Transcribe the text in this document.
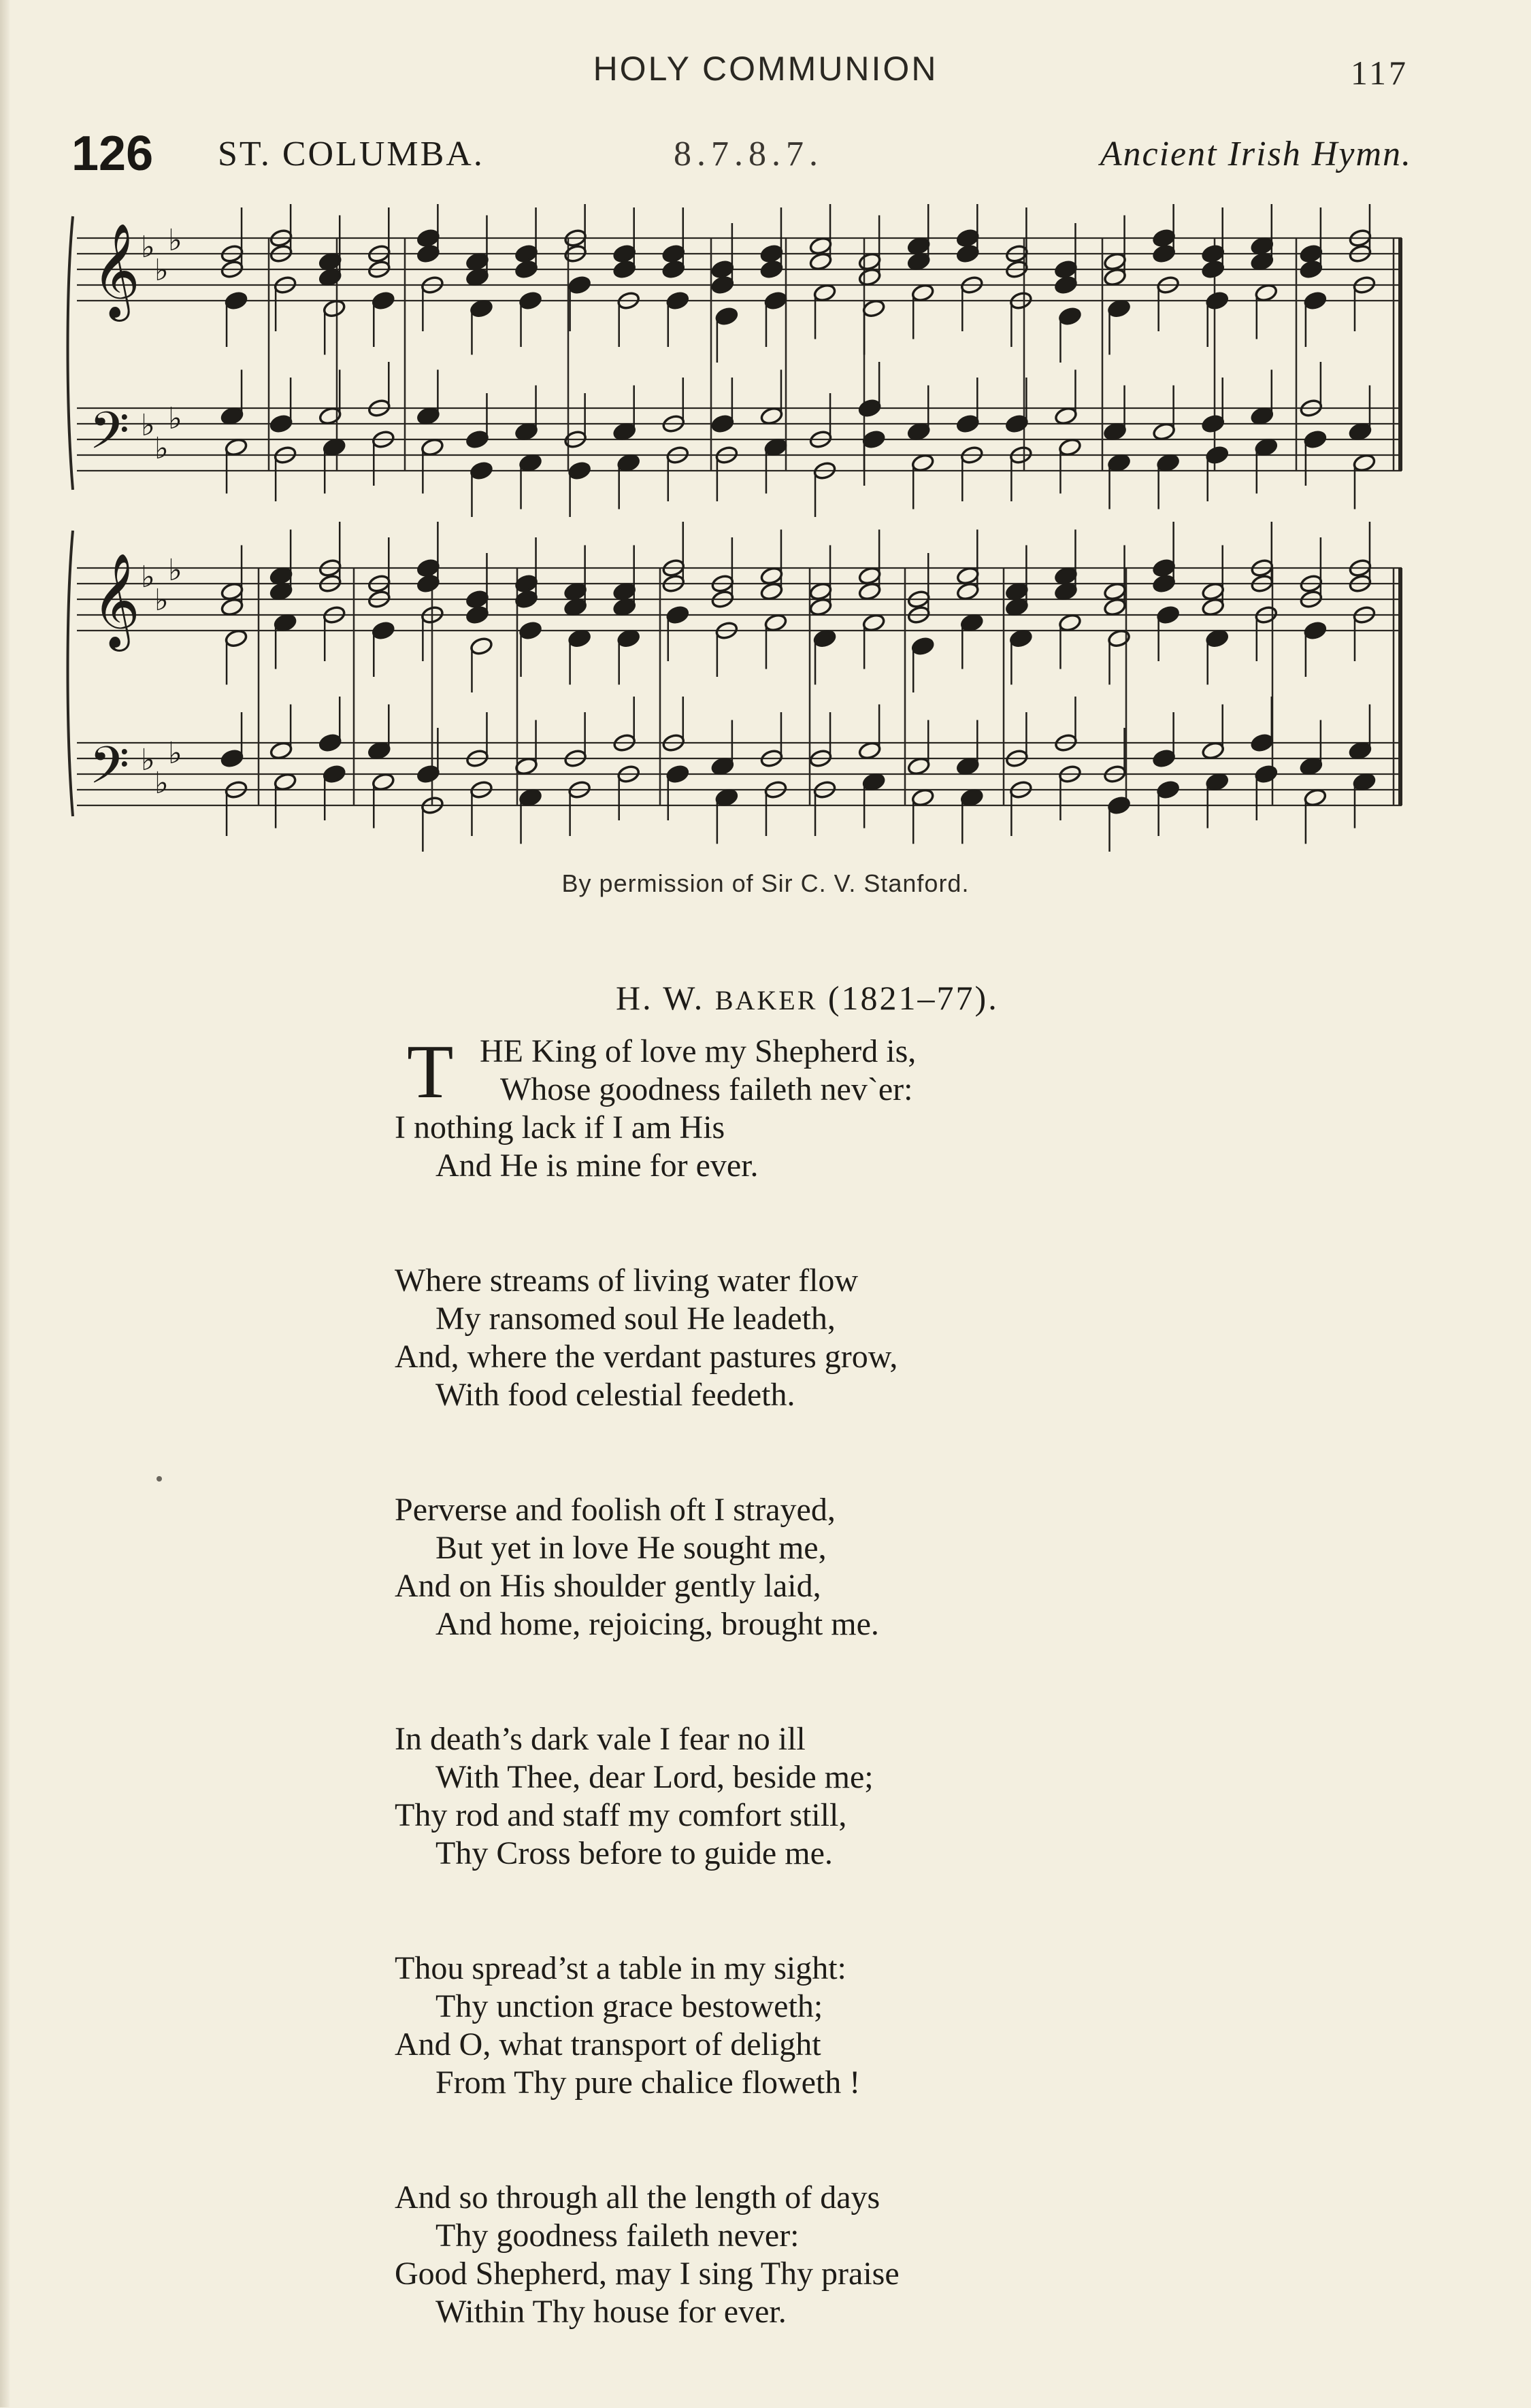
HOLY COMMUNION	117
126 ST. COLUMBA.	8.7.8.7.	Ancient Irish Hymn.
𝄞
𝄢
♭
♭
♭
♭
♭
♭
𝄞
𝄢
♭
♭
♭
♭
♭
♭
By permission of Sir C. V. Stanford.
H. W. BAKER (1821–77).
T HE King of love my Shepherd is,
Whose goodness faileth nevˋer:
I nothing lack if I am His
And He is mine for ever.
Where streams of living water flow
My ransomed soul He leadeth,
And, where the verdant pastures grow,
With food celestial feedeth.
Perverse and foolish oft I strayed,
But yet in love He sought me,
And on His shoulder gently laid,
And home, rejoicing, brought me.
In death’s dark vale I fear no ill
With Thee, dear Lord, beside me;
Thy rod and staff my comfort still,
Thy Cross before to guide me.
Thou spread’st a table in my sight:
Thy unction grace bestoweth;
And O, what transport of delight
From Thy pure chalice floweth !
And so through all the length of days
Thy goodness faileth never:
Good Shepherd, may I sing Thy praise
Within Thy house for ever.
